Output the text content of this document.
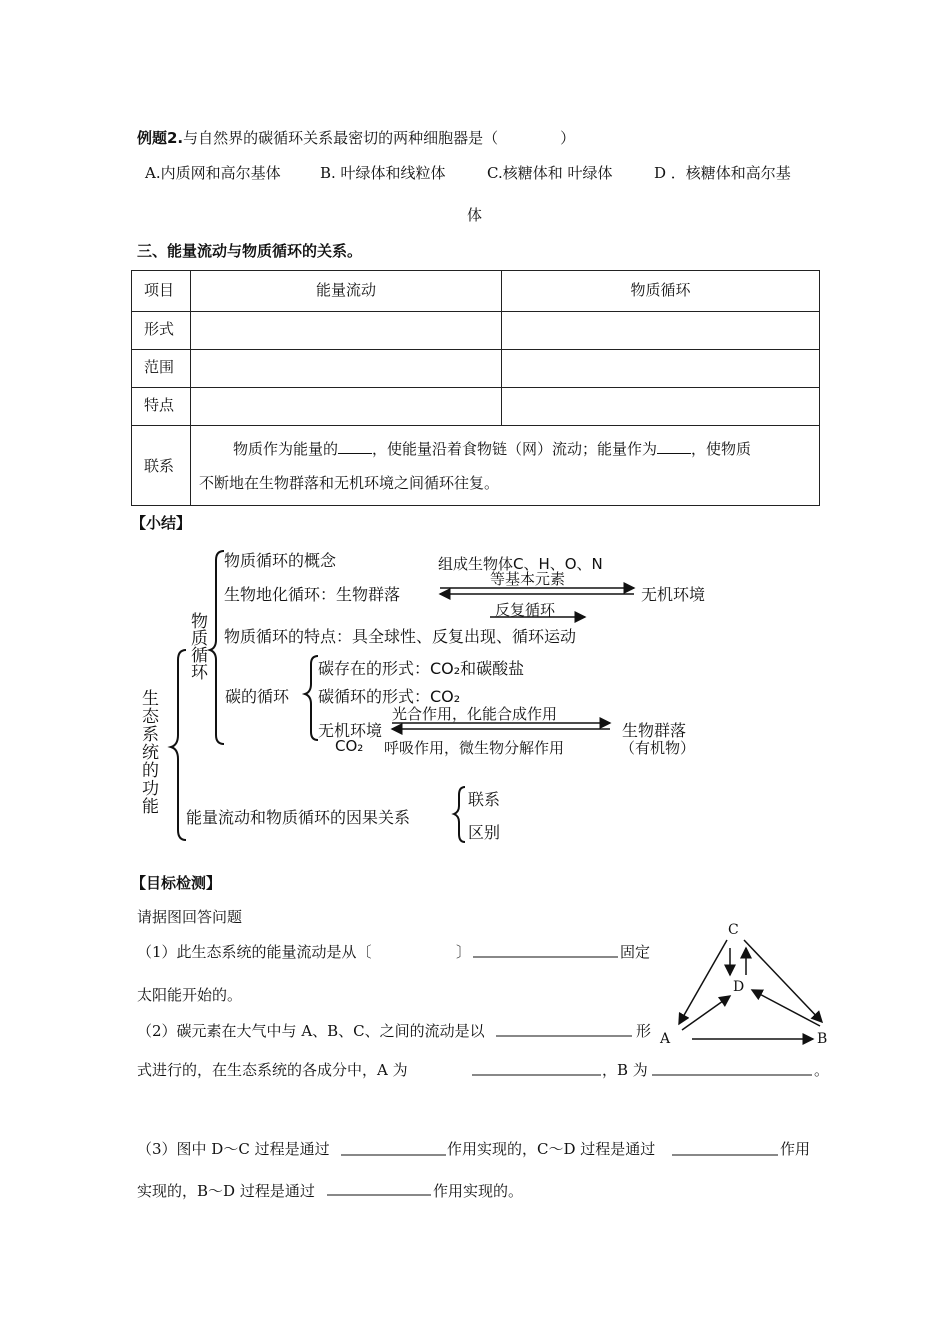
例题2.与自然界的碳循环关系最密切的两种细胞器是（	）
A.内质网和高尔基体	B. 叶绿体和线粒体	C.核糖体和 叶绿体	D ．核糖体和高尔基
体
三、能量流动与物质循环的关系。
项目	能量流动	物质循环
形式		
范围		
特点		
联系	物质作为能量的 ，使能量沿着食物链（网）流动；能量作为 ，使物质
不断地在生物群落和无机环境之间循环往复。	
【小结】
生态系统的功能
物质循环
物质循环的概念	组成生物体C、H、O、N
等基本元素
生物地化循环：生物群落	无机环境
反复循环
物质循环的特点：具全球性、反复出现、循环运动
碳的循环
碳存在的形式：CO₂和碳酸盐
碳循环的形式：CO₂
光合作用，化能合成作用
无机环境	生物群落
CO₂ 呼吸作用，微生物分解作用	（有机物）
能量流动和物质循环的因果关系
联系
区别
【目标检测】
请据图回答问题
（1）此生态系统的能量流动是从〔	〕	固定
太阳能开始的。
（2）碳元素在大气中与 A、B、C、之间的流动是以	形
式进行的，在生态系统的各成分中，A 为	，B 为	。
（3）图中 D～C 过程是通过	作用实现的，C～D 过程是通过	作用
实现的，B～D 过程是通过	作用实现的。
C
D
A	B
